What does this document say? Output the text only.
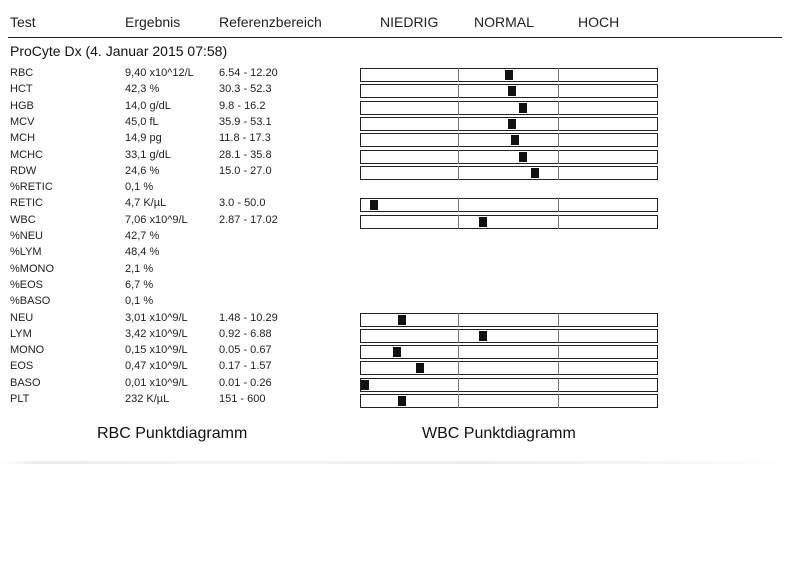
Test	Ergebnis	Referenzbereich	NIEDRIG	NORMAL	HOCH
ProCyte Dx (4. Januar 2015 07:58)
RBC	9,40 x10^12/L 6.54 - 12.20
HCT	42,3 %	30.3 - 52.3
HGB	14,0 g/dL	9.8 - 16.2
MCV	45,0 fL	35.9 - 53.1
MCH	14,9 pg	11.8 - 17.3
MCHC	33,1 g/dL	28.1 - 35.8
RDW	24,6 %	15.0 - 27.0
%RETIC	0,1 %
RETIC	4,7 K/µL	3.0 - 50.0
WBC	7,06 x10^9/L	2.87 - 17.02
%NEU	42,7 %
%LYM	48,4 %
%MONO	2,1 %
%EOS	6,7 %
%BASO	0,1 %
NEU	3,01 x10^9/L	1.48 - 10.29
LYM	3,42 x10^9/L	0.92 - 6.88
MONO	0,15 x10^9/L	0.05 - 0.67
EOS	0,47 x10^9/L	0.17 - 1.57
BASO	0,01 x10^9/L	0.01 - 0.26
PLT	232 K/µL	151 - 600
RBC Punktdiagramm	WBC Punktdiagramm
